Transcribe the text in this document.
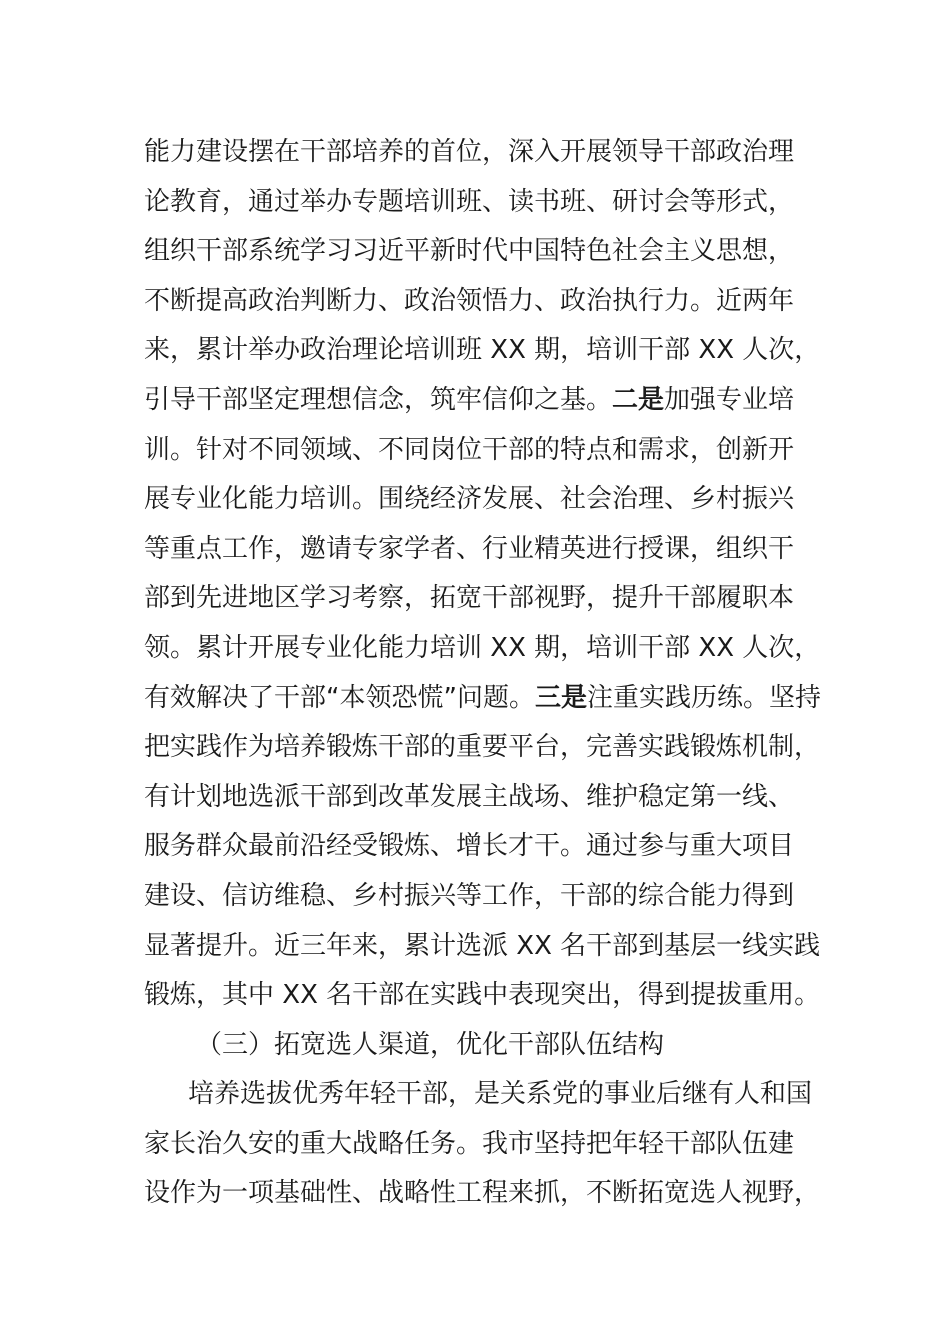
能力建设摆在干部培养的首位，深入开展领导干部政治理
论教育，通过举办专题培训班、读书班、研讨会等形式，
组织干部系统学习习近平新时代中国特色社会主义思想，
不断提高政治判断力、政治领悟力、政治执行力。近两年
来，累计举办政治理论培训班 XX 期，培训干部 XX 人次，
引导干部坚定理想信念，筑牢信仰之基。二是加强专业培
训。针对不同领域、不同岗位干部的特点和需求，创新开
展专业化能力培训。围绕经济发展、社会治理、乡村振兴
等重点工作，邀请专家学者、行业精英进行授课，组织干
部到先进地区学习考察，拓宽干部视野，提升干部履职本
领。累计开展专业化能力培训 XX 期，培训干部 XX 人次，
有效解决了干部“本领恐慌”问题。三是注重实践历练。坚持
把实践作为培养锻炼干部的重要平台，完善实践锻炼机制，
有计划地选派干部到改革发展主战场、维护稳定第一线、
服务群众最前沿经受锻炼、增长才干。通过参与重大项目
建设、信访维稳、乡村振兴等工作，干部的综合能力得到
显著提升。近三年来，累计选派 XX 名干部到基层一线实践
锻炼，其中 XX 名干部在实践中表现突出，得到提拔重用。
（三）拓宽选人渠道，优化干部队伍结构
培养选拔优秀年轻干部，是关系党的事业后继有人和国
家长治久安的重大战略任务。我市坚持把年轻干部队伍建
设作为一项基础性、战略性工程来抓，不断拓宽选人视野，
